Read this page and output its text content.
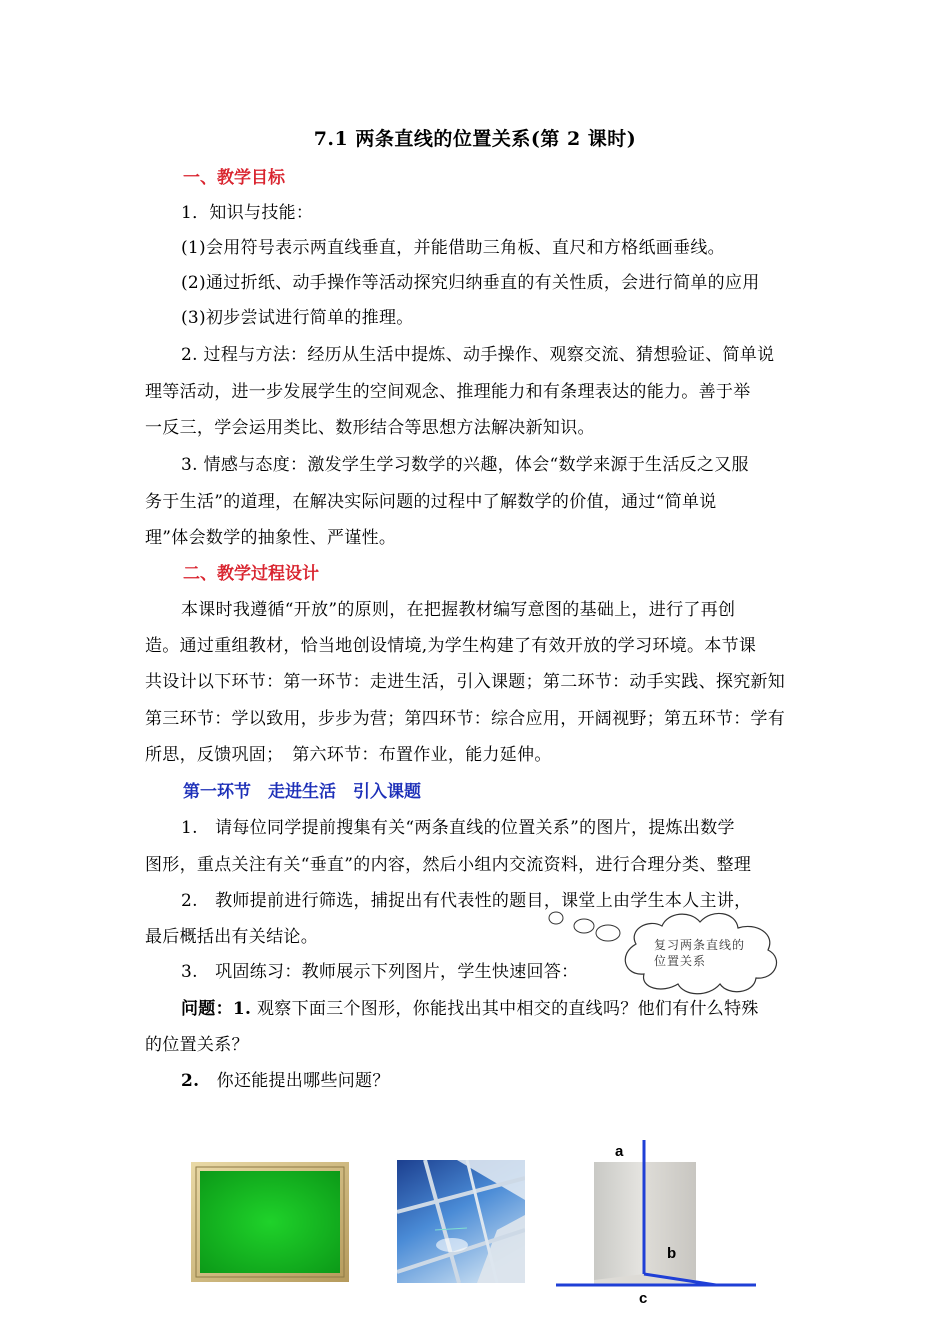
7.1 两条直线的位置关系(第 2 课时)
一、教学目标
1．知识与技能：
(1)会用符号表示两直线垂直，并能借助三角板、直尺和方格纸画垂线。
(2)通过折纸、动手操作等活动探究归纳垂直的有关性质，会进行简单的应用
(3)初步尝试进行简单的推理。
2. 过程与方法：经历从生活中提炼、动手操作、观察交流、猜想验证、简单说
理等活动，进一步发展学生的空间观念、推理能力和有条理表达的能力。善于举
一反三，学会运用类比、数形结合等思想方法解决新知识。
3. 情感与态度：激发学生学习数学的兴趣，体会“数学来源于生活反之又服
务于生活”的道理，在解决实际问题的过程中了解数学的价值，通过“简单说
理”体会数学的抽象性、严谨性。
二、教学过程设计
本课时我遵循“开放”的原则，在把握教材编写意图的基础上，进行了再创
造。通过重组教材，恰当地创设情境,为学生构建了有效开放的学习环境。本节课
共设计以下环节：第一环节：走进生活，引入课题；第二环节：动手实践、探究新知
第三环节：学以致用，步步为营；第四环节：综合应用，开阔视野；第五环节：学有
所思，反馈巩固；　第六环节：布置作业，能力延伸。
第一环节　走进生活　引入课题
1.　请每位同学提前搜集有关“两条直线的位置关系”的图片，提炼出数学
图形，重点关注有关“垂直”的内容，然后小组内交流资料，进行合理分类、整理
2.　教师提前进行筛选，捕捉出有代表性的题目，课堂上由学生本人主讲，
最后概括出有关结论。
3.　巩固练习：教师展示下列图片，学生快速回答：
问题：1. 观察下面三个图形，你能找出其中相交的直线吗？他们有什么特殊
的位置关系？
2.　你还能提出哪些问题？
复习两条直线的位置关系
a
b
c
